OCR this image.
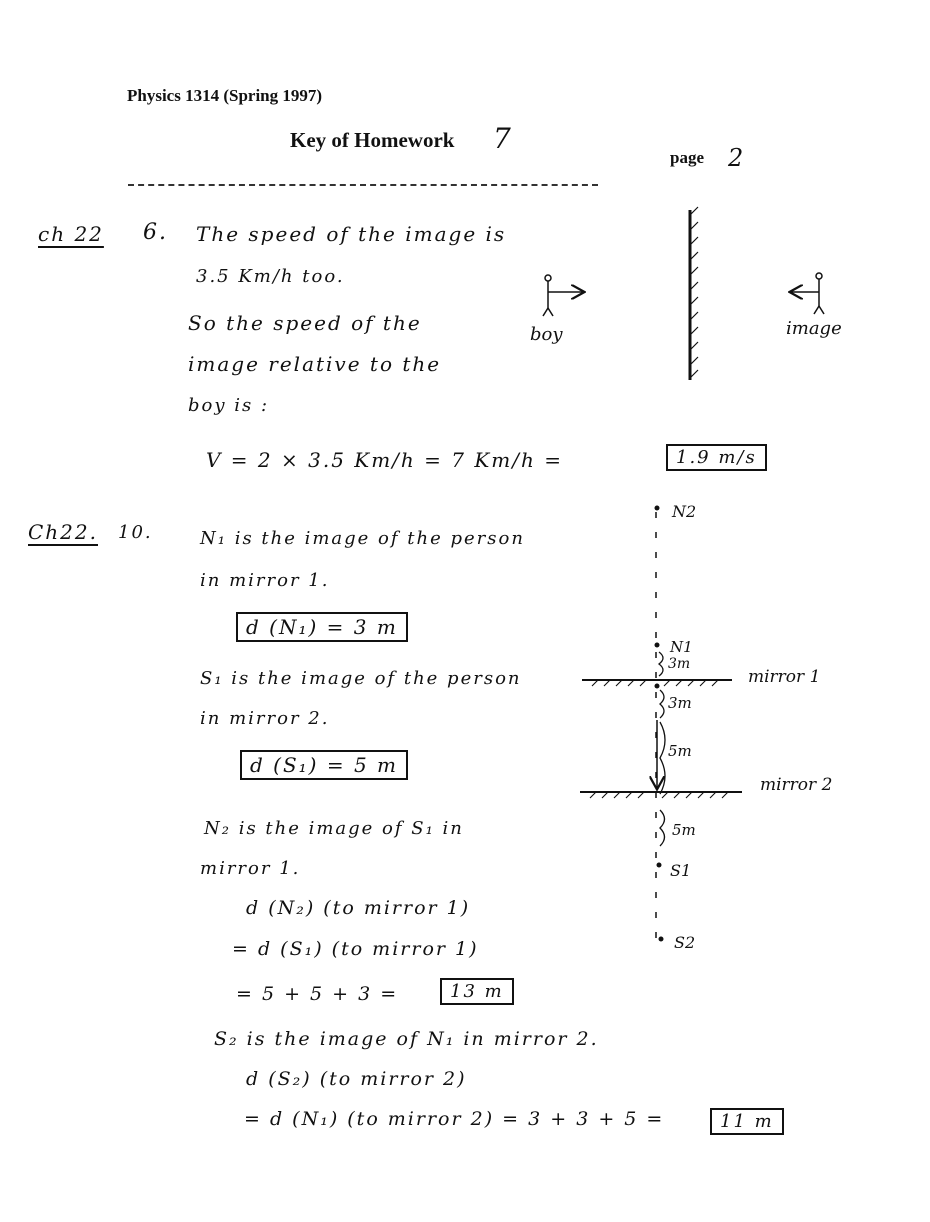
Physics 1314 (Spring 1997)
Key of Homework 7
page 2
ch 22 6. The speed of the image is
3.5 Km/h too.
So the speed of the
image relative to the
boy is :
V = 2 × 3.5 Km/h = 7 Km/h =	1.9 m/s
Ch22. 10.	N₁ is the image of the person
in mirror 1.
d (N₁) = 3 m
S₁ is the image of the person
in mirror 2.
d (S₁) = 5 m
N₂ is the image of S₁ in
mirror 1.
d (N₂) (to mirror 1)
= d (S₁) (to mirror 1)
= 5 + 5 + 3 =	13 m
S₂ is the image of N₁ in mirror 2.
d (S₂) (to mirror 2)
= d (N₁) (to mirror 2) = 3 + 3 + 5 =	11 m
boy	image
N2
N1
3m
mirror 1
3m
5m
mirror 2
5m
S1
S2
